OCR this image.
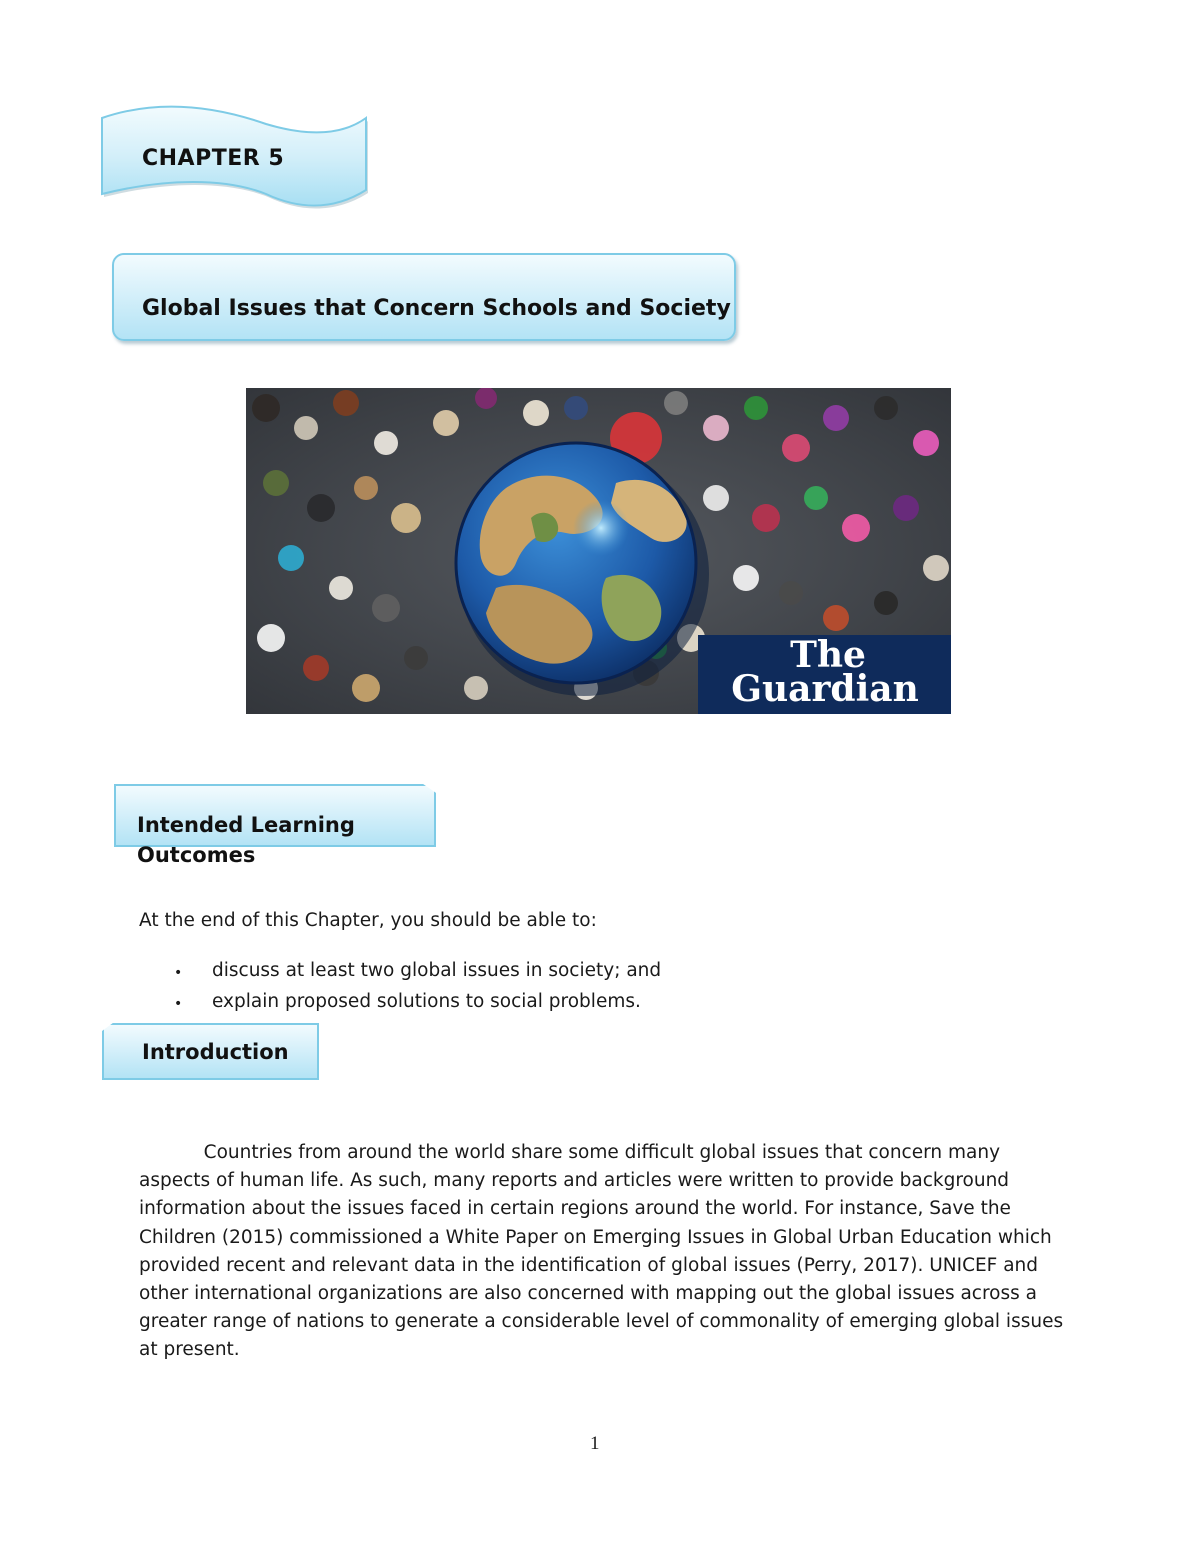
CHAPTER 5
Global Issues that Concern Schools and Society
The
Guardian
Intended Learning Outcomes
At the end of this Chapter, you should be able to:
•	discuss at least two global issues in society; and
•	explain proposed solutions to social problems.
Introduction

Countries from around the world share some difficult global issues that concern many aspects of human life. As such, many reports and articles were written to provide background information about the issues faced in certain regions around the world. For instance, Save the Children (2015) commissioned a White Paper on Emerging Issues in Global Urban Education which provided recent and relevant data in the identification of global issues (Perry, 2017). UNICEF and other international organizations are also concerned with mapping out the global issues across a greater range of nations to generate a considerable level of commonality of emerging global issues at present.

1
